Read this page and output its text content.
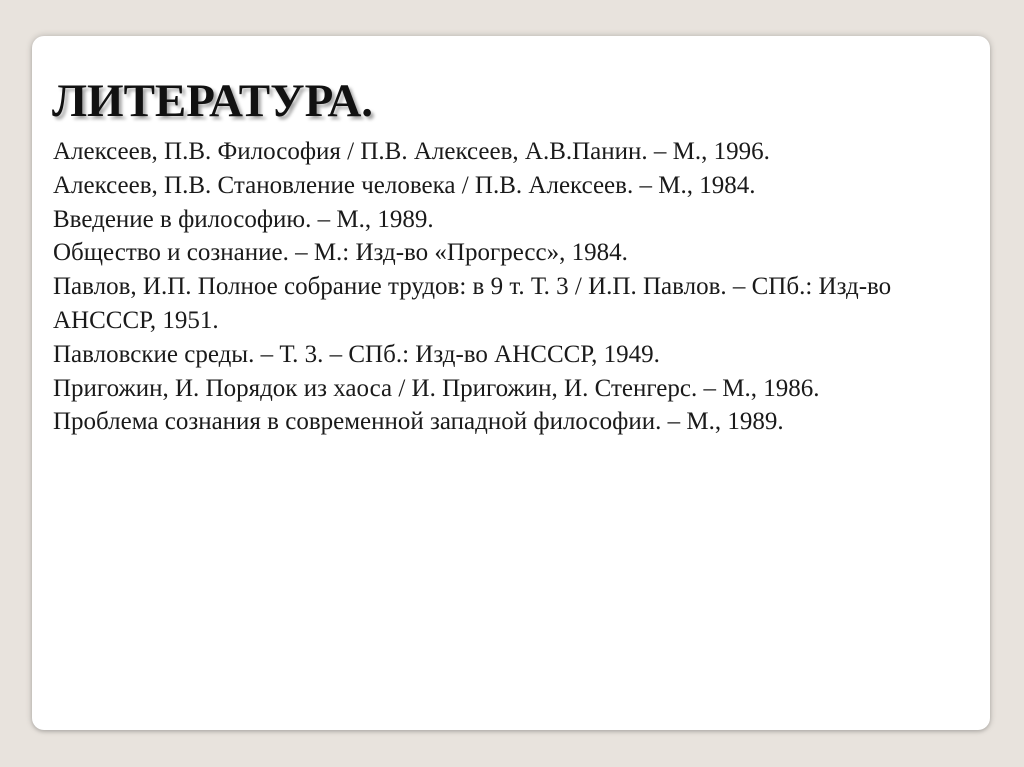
ЛИТЕРАТУРА.
Алексеев, П.В. Философия / П.В. Алексеев, А.В.Панин. – М., 1996.
Алексеев, П.В. Становление человека / П.В. Алексеев. – М., 1984.
Введение в философию. – М., 1989.
Общество и сознание. – М.: Изд-во «Прогресс», 1984.
Павлов, И.П. Полное собрание трудов: в 9 т. Т. 3 / И.П. Павлов. – СПб.: Изд-во АНСССР, 1951.
Павловские среды. – Т. 3. – СПб.: Изд-во АНСССР, 1949.
Пригожин, И. Порядок из хаоса / И. Пригожин, И. Стенгерс. – М., 1986.
Проблема сознания в современной западной философии. – М., 1989.
